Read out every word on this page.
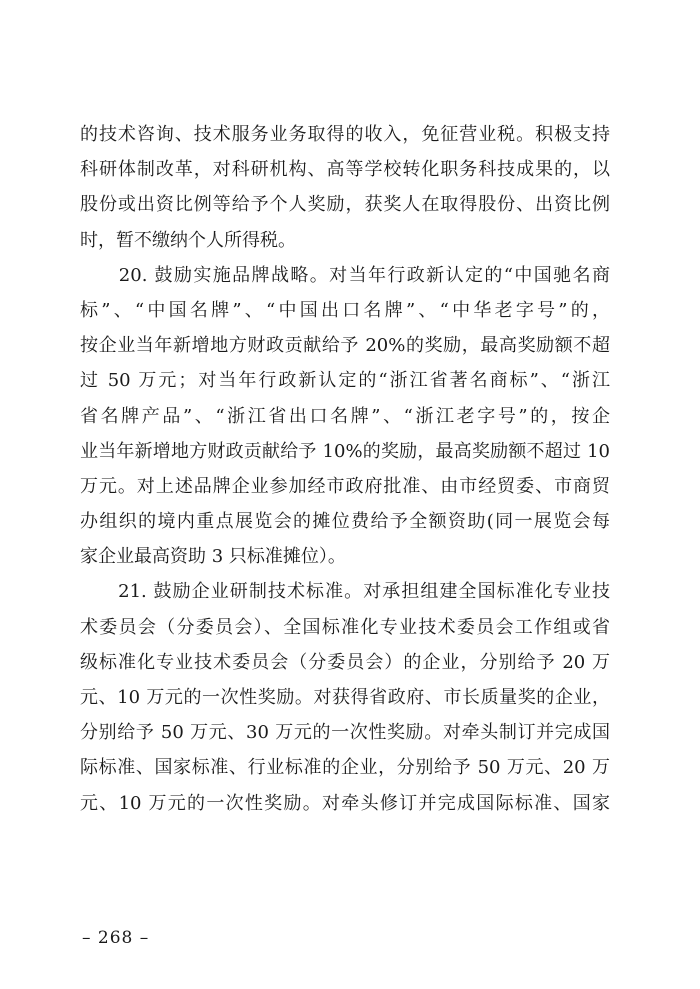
的技术咨询、技术服务业务取得的收入，免征营业税。积极支持
科研体制改革，对科研机构、高等学校转化职务科技成果的，以
股份或出资比例等给予个人奖励，获奖人在取得股份、出资比例
时，暂不缴纳个人所得税。
　　20. 鼓励实施品牌战略。对当年行政新认定的“中国驰名商
标”、“中国名牌”、“中国出口名牌”、“中华老字号”的，
按企业当年新增地方财政贡献给予 20%的奖励，最高奖励额不超
过 50 万元；对当年行政新认定的“浙江省著名商标”、“浙江
省名牌产品”、“浙江省出口名牌”、“浙江老字号”的，按企
业当年新增地方财政贡献给予 10%的奖励，最高奖励额不超过 10
万元。对上述品牌企业参加经市政府批准、由市经贸委、市商贸
办组织的境内重点展览会的摊位费给予全额资助(同一展览会每
家企业最高资助 3 只标准摊位）。
　　21. 鼓励企业研制技术标准。对承担组建全国标准化专业技
术委员会（分委员会）、全国标准化专业技术委员会工作组或省
级标准化专业技术委员会（分委员会）的企业，分别给予 20 万
元、10 万元的一次性奖励。对获得省政府、市长质量奖的企业，
分别给予 50 万元、30 万元的一次性奖励。对牵头制订并完成国
际标准、国家标准、行业标准的企业，分别给予 50 万元、20 万
元、10 万元的一次性奖励。对牵头修订并完成国际标准、国家
– 268 –
